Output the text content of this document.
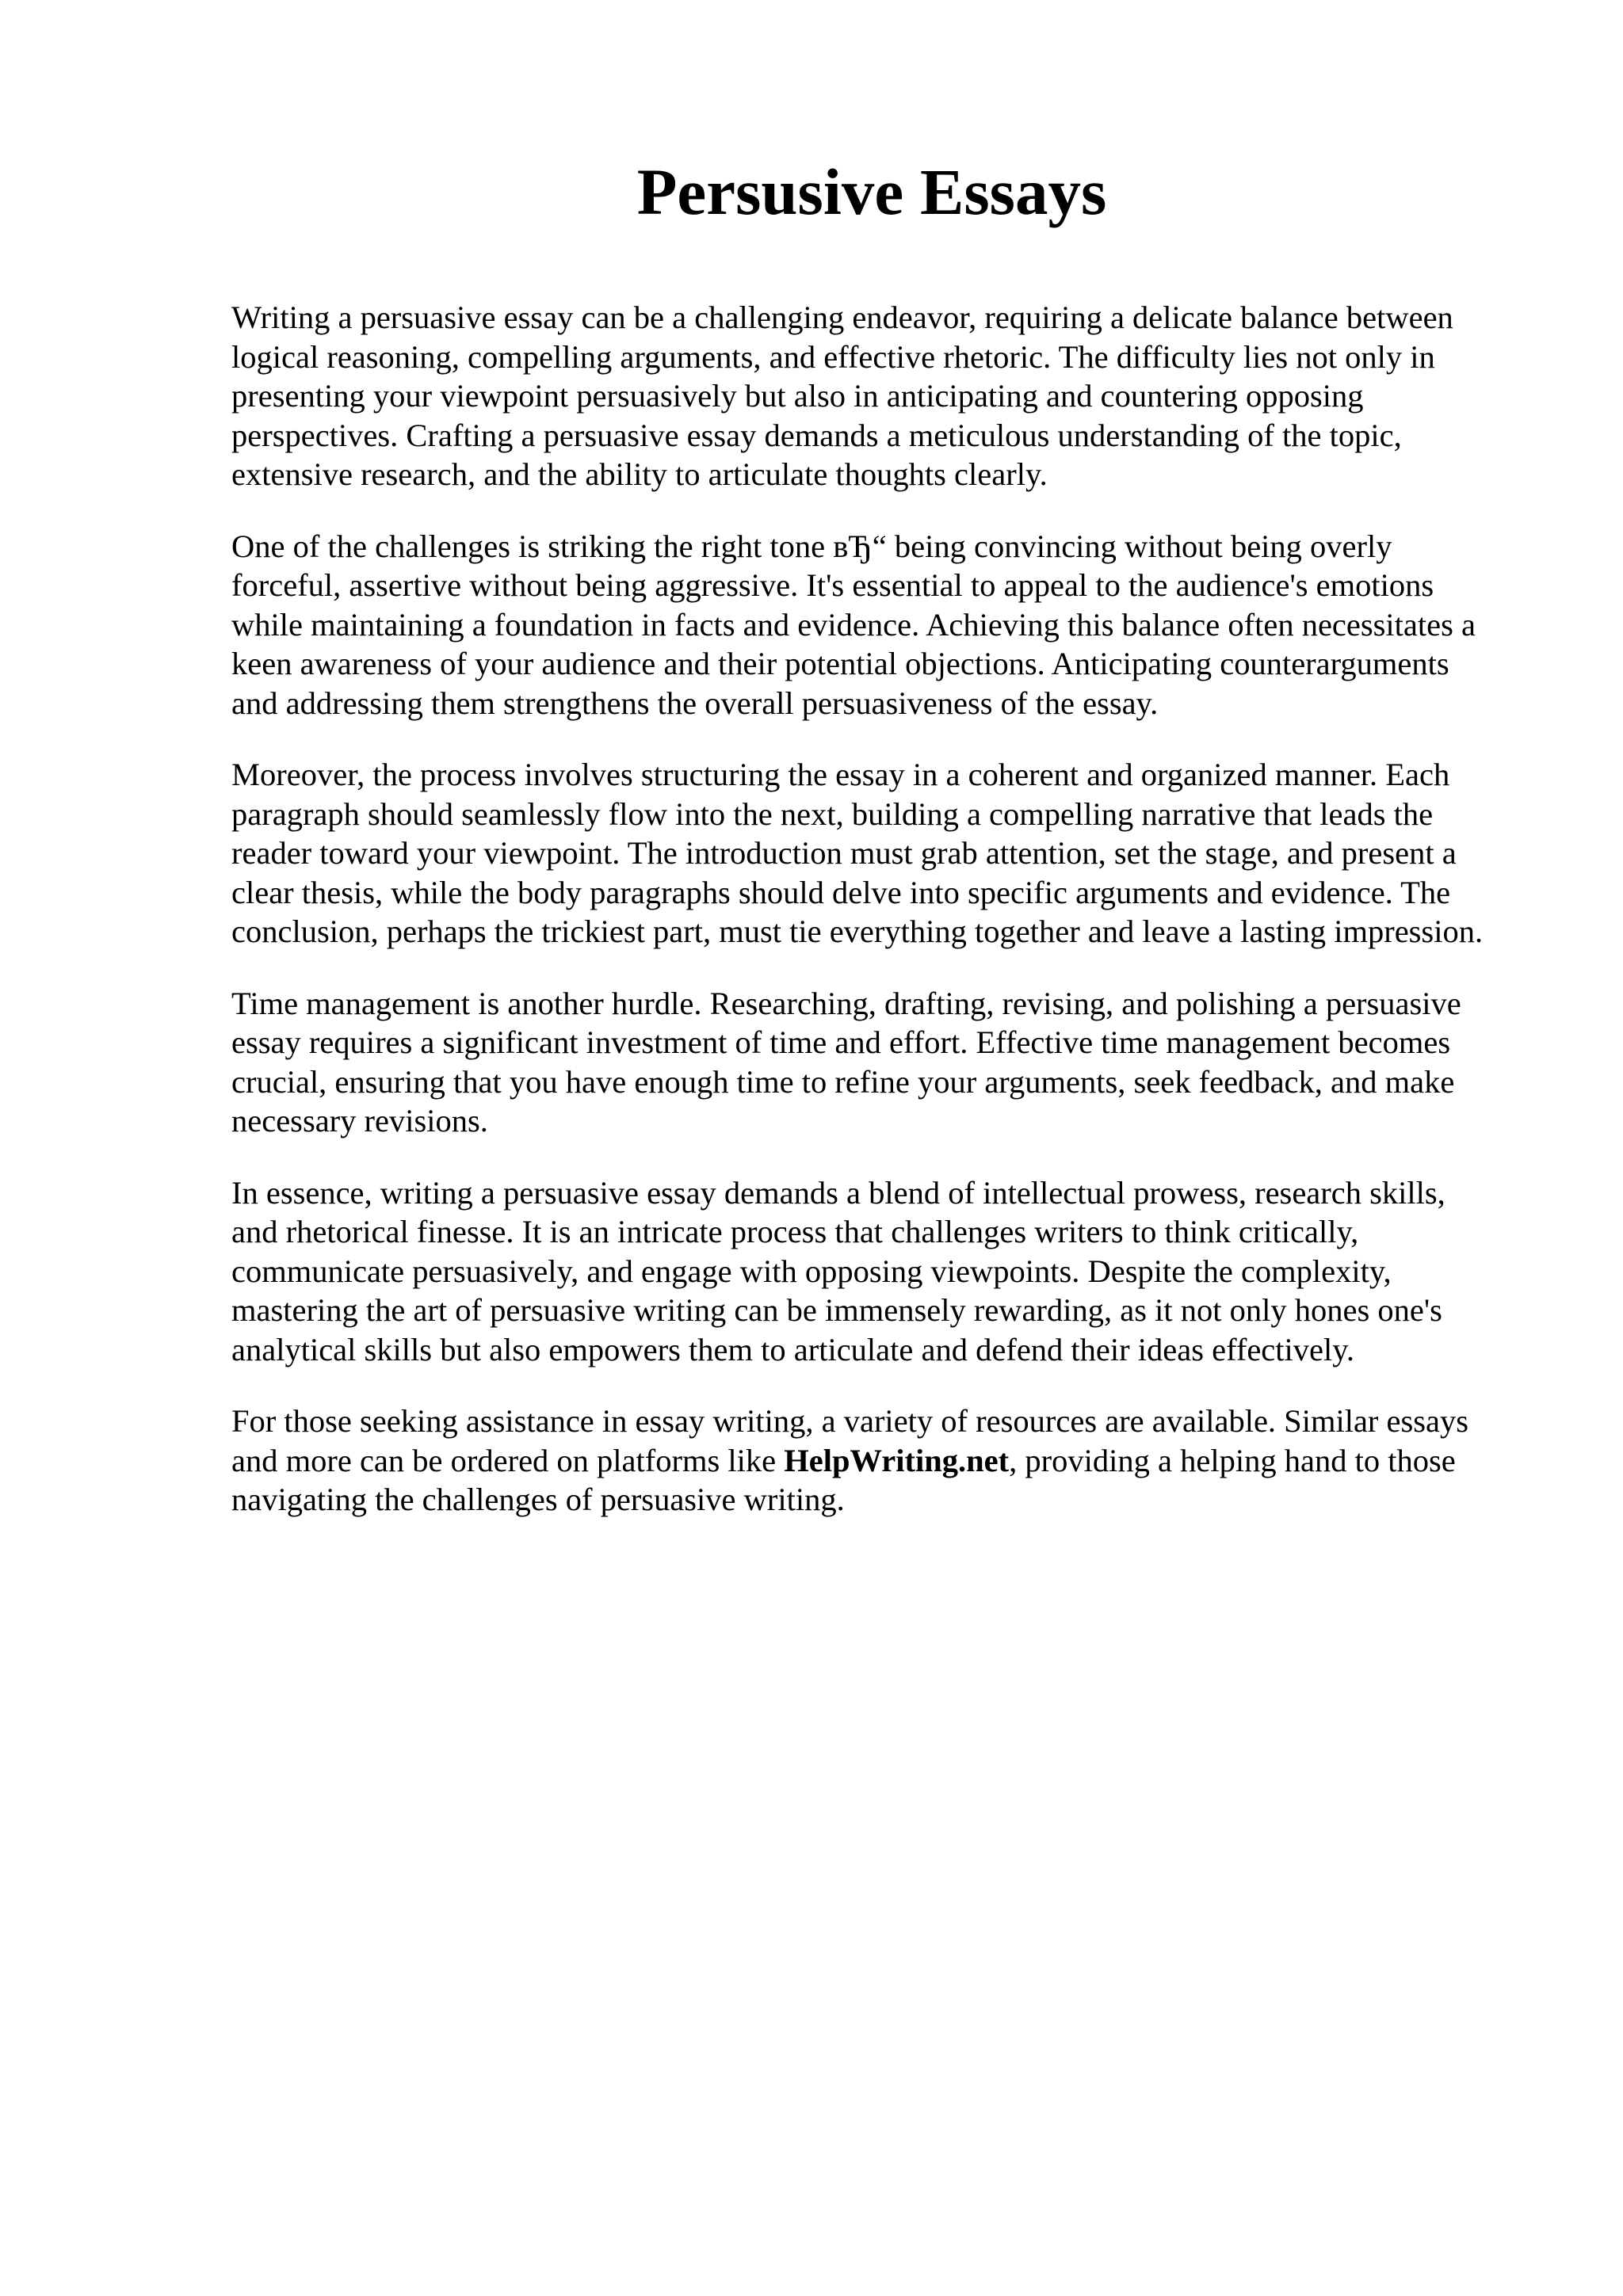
Persusive Essays

Writing a persuasive essay can be a challenging endeavor, requiring a delicate balance between
logical reasoning, compelling arguments, and effective rhetoric. The difficulty lies not only in
presenting your viewpoint persuasively but also in anticipating and countering opposing
perspectives. Crafting a persuasive essay demands a meticulous understanding of the topic,
extensive research, and the ability to articulate thoughts clearly.

One of the challenges is striking the right tone вЂ“ being convincing without being overly
forceful, assertive without being aggressive. It's essential to appeal to the audience's emotions
while maintaining a foundation in facts and evidence. Achieving this balance often necessitates a
keen awareness of your audience and their potential objections. Anticipating counterarguments
and addressing them strengthens the overall persuasiveness of the essay.

Moreover, the process involves structuring the essay in a coherent and organized manner. Each
paragraph should seamlessly flow into the next, building a compelling narrative that leads the
reader toward your viewpoint. The introduction must grab attention, set the stage, and present a
clear thesis, while the body paragraphs should delve into specific arguments and evidence. The
conclusion, perhaps the trickiest part, must tie everything together and leave a lasting impression.

Time management is another hurdle. Researching, drafting, revising, and polishing a persuasive
essay requires a significant investment of time and effort. Effective time management becomes
crucial, ensuring that you have enough time to refine your arguments, seek feedback, and make
necessary revisions.

In essence, writing a persuasive essay demands a blend of intellectual prowess, research skills,
and rhetorical finesse. It is an intricate process that challenges writers to think critically,
communicate persuasively, and engage with opposing viewpoints. Despite the complexity,
mastering the art of persuasive writing can be immensely rewarding, as it not only hones one's
analytical skills but also empowers them to articulate and defend their ideas effectively.

For those seeking assistance in essay writing, a variety of resources are available. Similar essays
and more can be ordered on platforms like HelpWriting.net, providing a helping hand to those
navigating the challenges of persuasive writing.
